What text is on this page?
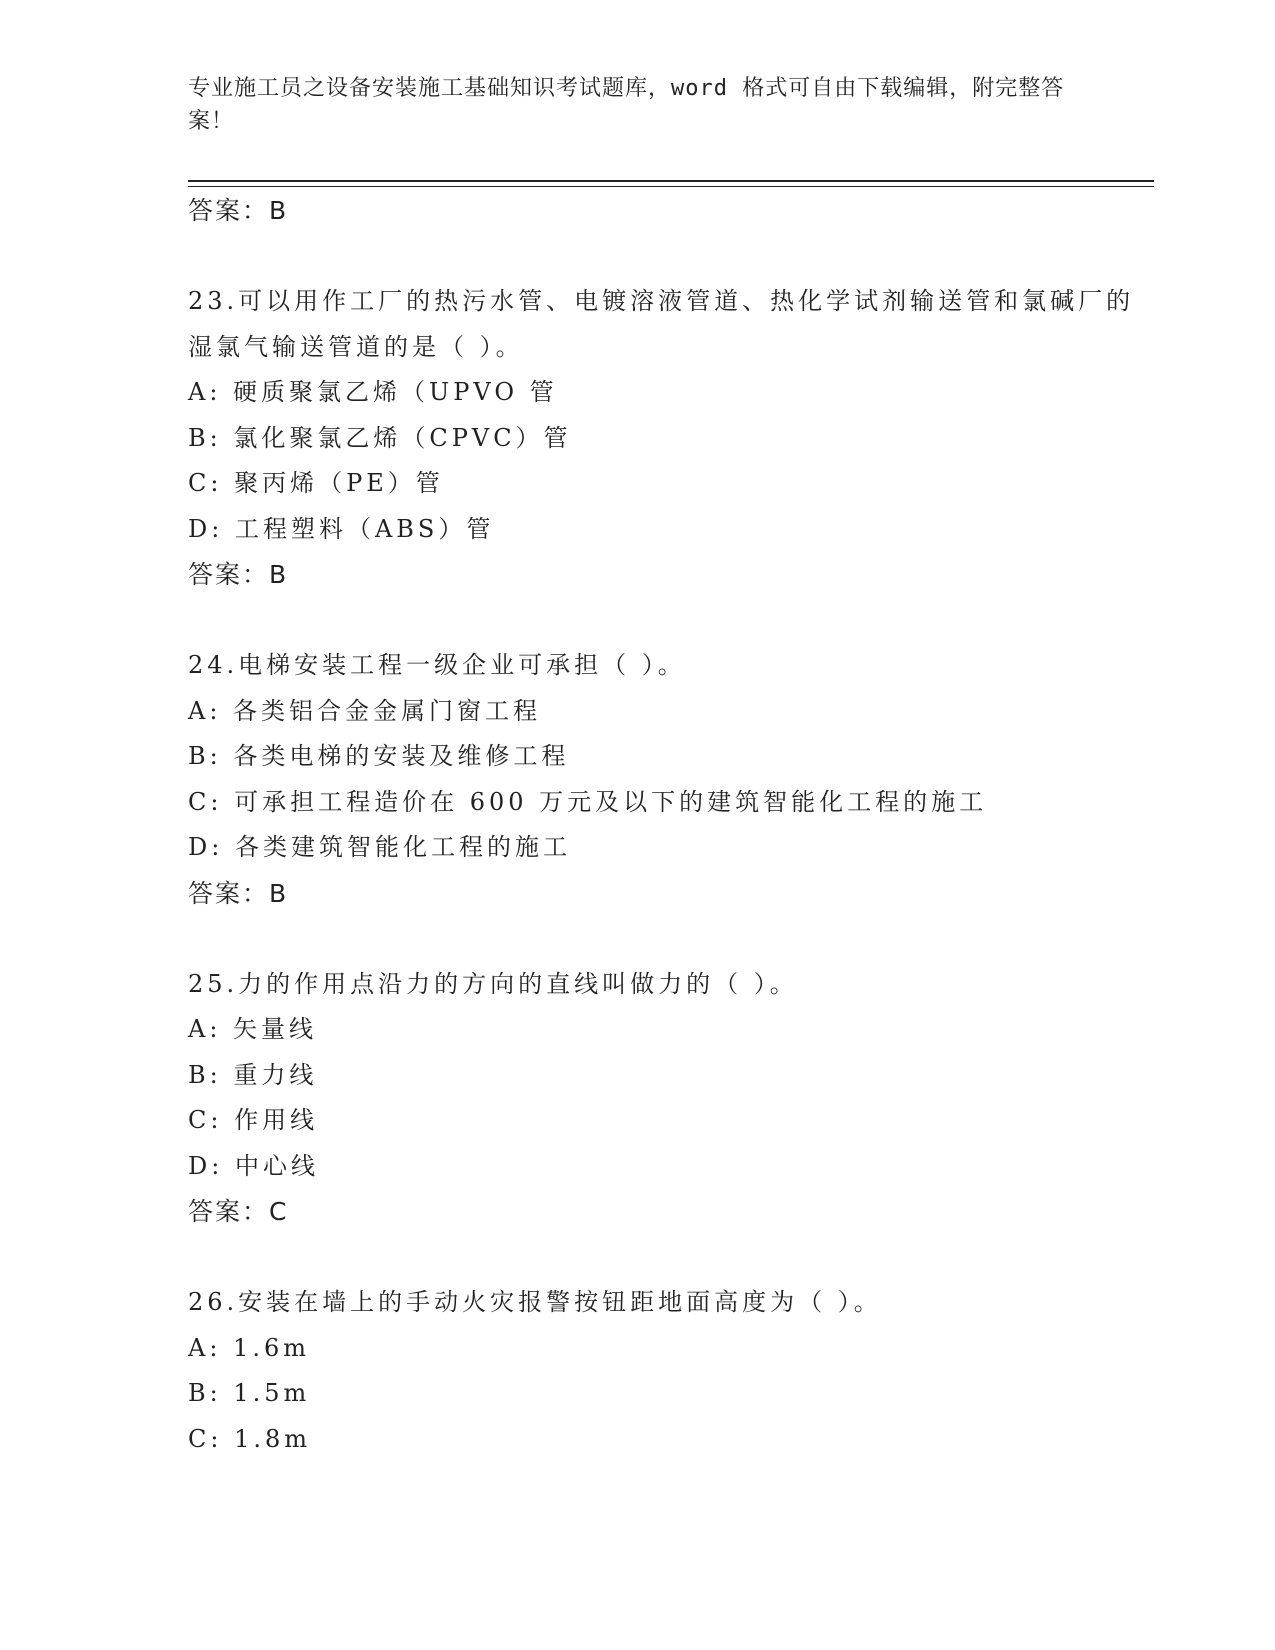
专业施工员之设备安装施工基础知识考试题库，word 格式可自由下载编辑，附完整答案！
答案：B
23.可以用作工厂的热污水管、电镀溶液管道、热化学试剂输送管和氯碱厂的湿氯气输送管道的是（ ）。
A: 硬质聚氯乙烯（UPVO 管
B: 氯化聚氯乙烯（CPVC）管
C: 聚丙烯（PE）管
D: 工程塑料（ABS）管
答案：B
24.电梯安装工程一级企业可承担（ ）。
A: 各类铝合金金属门窗工程
B: 各类电梯的安装及维修工程
C: 可承担工程造价在 600 万元及以下的建筑智能化工程的施工
D: 各类建筑智能化工程的施工
答案：B
25.力的作用点沿力的方向的直线叫做力的（ ）。
A: 矢量线
B: 重力线
C: 作用线
D: 中心线
答案：C
26.安装在墙上的手动火灾报警按钮距地面高度为（ ）。
A: 1.6m
B: 1.5m
C: 1.8m
